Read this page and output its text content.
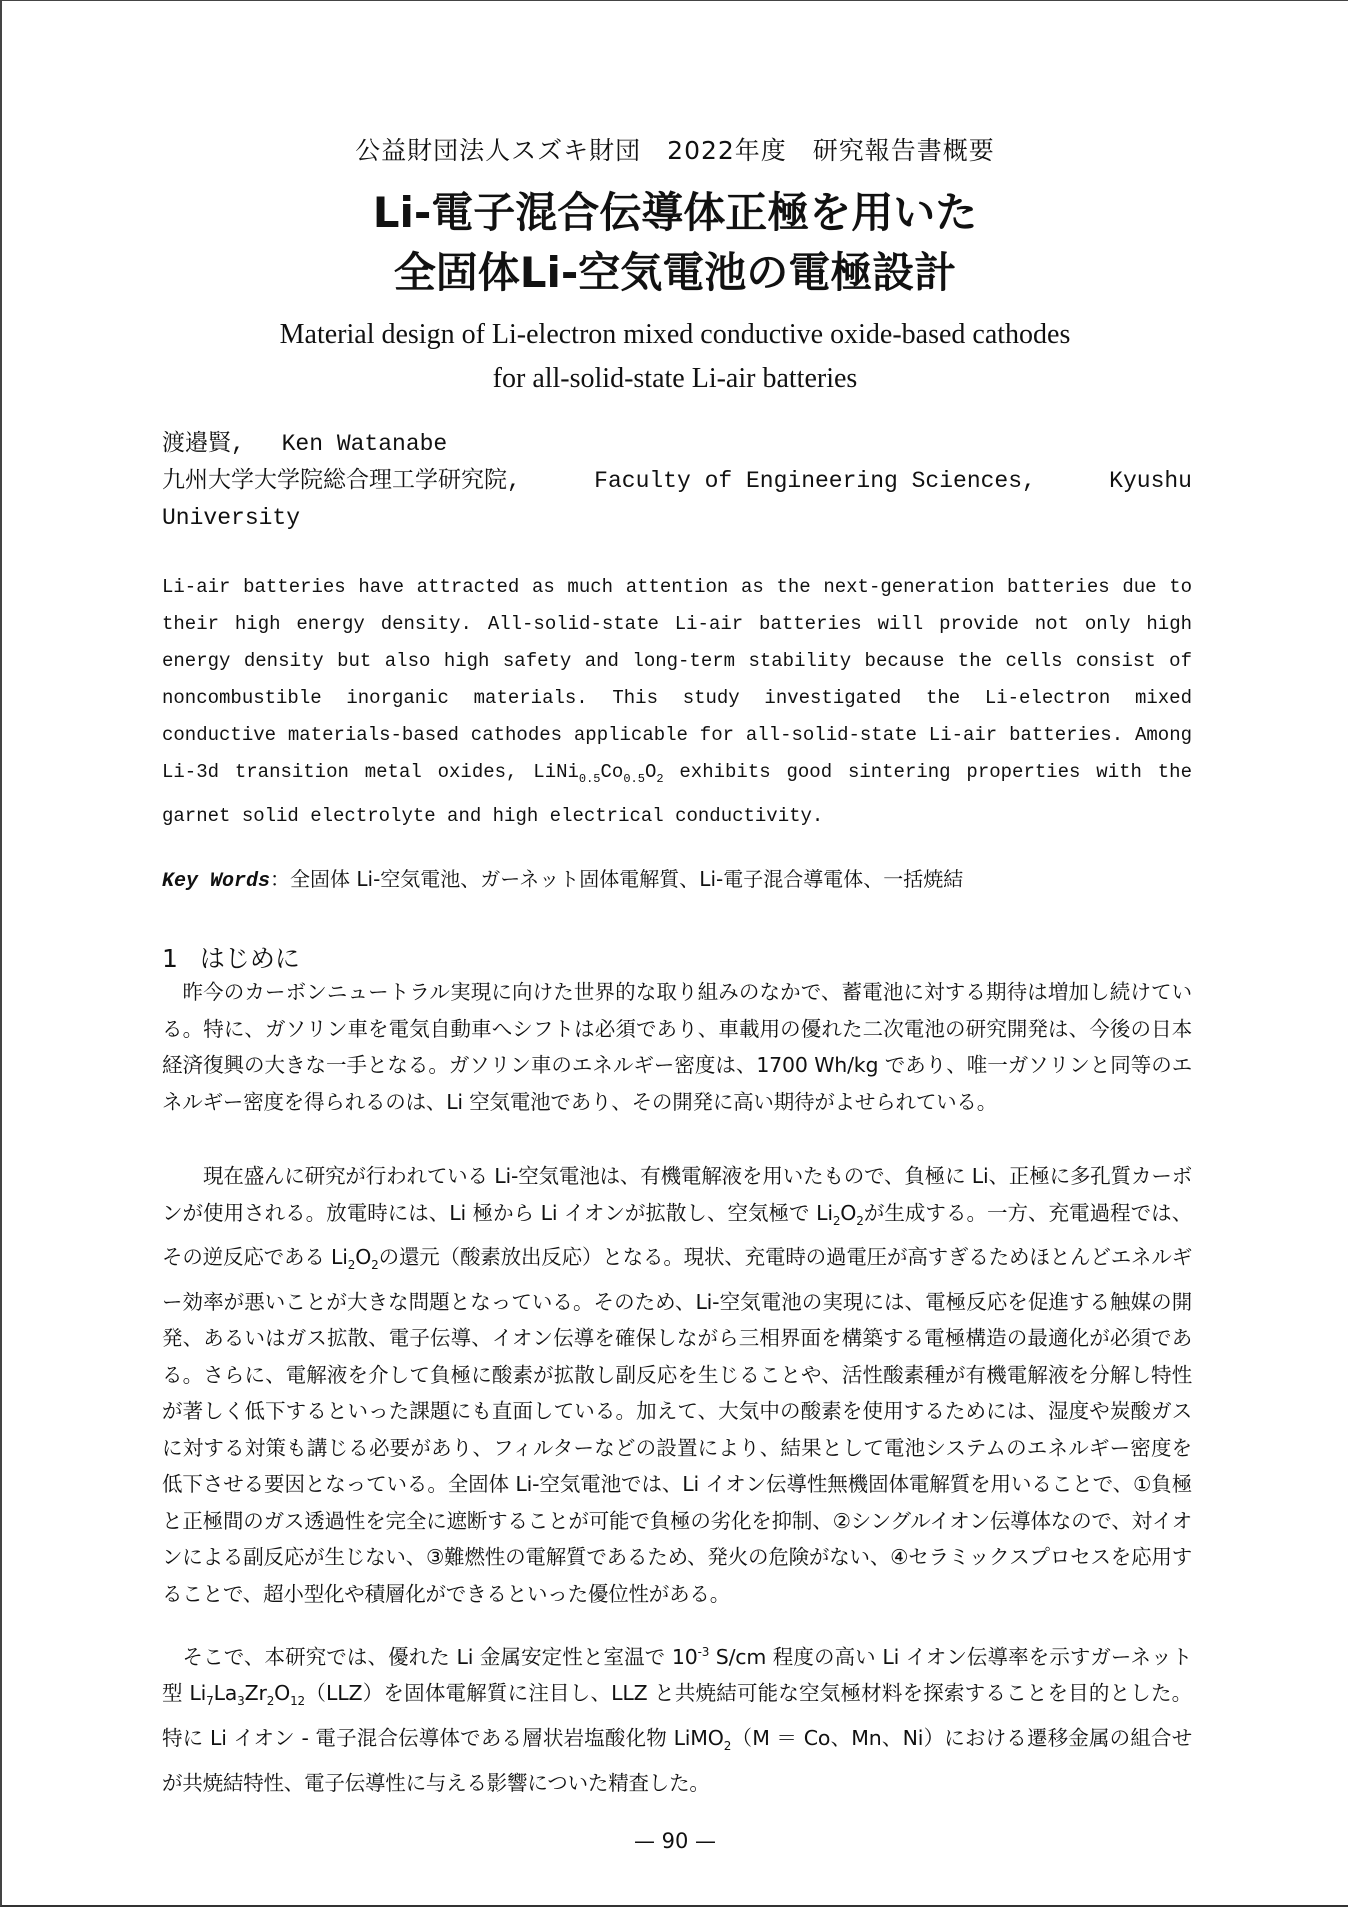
公益財団法人スズキ財団　2022年度　研究報告書概要
Li-電子混合伝導体正極を用いた
全固体Li-空気電池の電極設計
Material design of Li-electron mixed conductive oxide-based cathodes
for all-solid-state Li-air batteries
渡邉賢,　 Ken Watanabe
九州大学大学院総合理工学研究院,	Faculty of Engineering Sciences,	Kyushu
University
Li-air batteries have attracted as much attention as the next-generation batteries due to their high energy density. All-solid-state Li-air batteries will provide not only high energy density but also high safety and long-term stability because the cells consist of noncombustible inorganic materials. This study investigated the Li-electron mixed conductive materials-based cathodes applicable for all-solid-state Li-air batteries. Among Li-3d transition metal oxides, $LiNi_{0.5}Co_{0.5}O_2$ exhibits good sintering properties with the garnet solid electrolyte and high electrical conductivity.
Key Words：全固体 Li-空気電池、ガーネット固体電解質、Li-電子混合導電体、一括焼結
1 はじめに

昨今のカーボンニュートラル実現に向けた世界的な取り組みのなかで、蓄電池に対する期待は増加し続けている。特に、ガソリン車を電気自動車へシフトは必須であり、車載用の優れた二次電池の研究開発は、今後の日本経済復興の大きな一手となる。ガソリン車のエネルギー密度は、1700 Wh/kg であり、唯一ガソリンと同等のエネルギー密度を得られるのは、Li 空気電池であり、その開発に高い期待がよせられている。

現在盛んに研究が行われている Li-空気電池は、有機電解液を用いたもので、負極に Li、正極に多孔質カーボンが使用される。放電時には、Li 極から Li イオンが拡散し、空気極で $Li_2O_2$が生成する。一方、充電過程では、その逆反応である $Li_2O_2$の還元（酸素放出反応）となる。現状、充電時の過電圧が高すぎるためほとんどエネルギー効率が悪いことが大きな問題となっている。そのため、Li-空気電池の実現には、電極反応を促進する触媒の開発、あるいはガス拡散、電子伝導、イオン伝導を確保しながら三相界面を構築する電極構造の最適化が必須である。さらに、電解液を介して負極に酸素が拡散し副反応を生じることや、活性酸素種が有機電解液を分解し特性が著しく低下するといった課題にも直面している。加えて、大気中の酸素を使用するためには、湿度や炭酸ガスに対する対策も講じる必要があり、フィルターなどの設置により、結果として電池システムのエネルギー密度を低下させる要因となっている。全固体 Li-空気電池では、Li イオン伝導性無機固体電解質を用いることで、①負極と正極間のガス透過性を完全に遮断することが可能で負極の劣化を抑制、②シングルイオン伝導体なので、対イオンによる副反応が生じない、③難燃性の電解質であるため、発火の危険がない、④セラミックスプロセスを応用することで、超小型化や積層化ができるといった優位性がある。

そこで、本研究では、優れた Li 金属安定性と室温で $10^{-3}$ S/cm 程度の高い Li イオン伝導率を示すガーネット型 $Li_7La_3Zr_2O_{12}(LLZ)$を固体電解質に注目し、LLZ と共焼結可能な空気極材料を探索することを目的とした。特に Li イオン - 電子混合伝導体である層状岩塩酸化物 LiMO$_2$（M ＝ Co、Mn、Ni）における遷移金属の組合せが共焼結特性、電子伝導性に与える影響についた精査した。

— 90 —
